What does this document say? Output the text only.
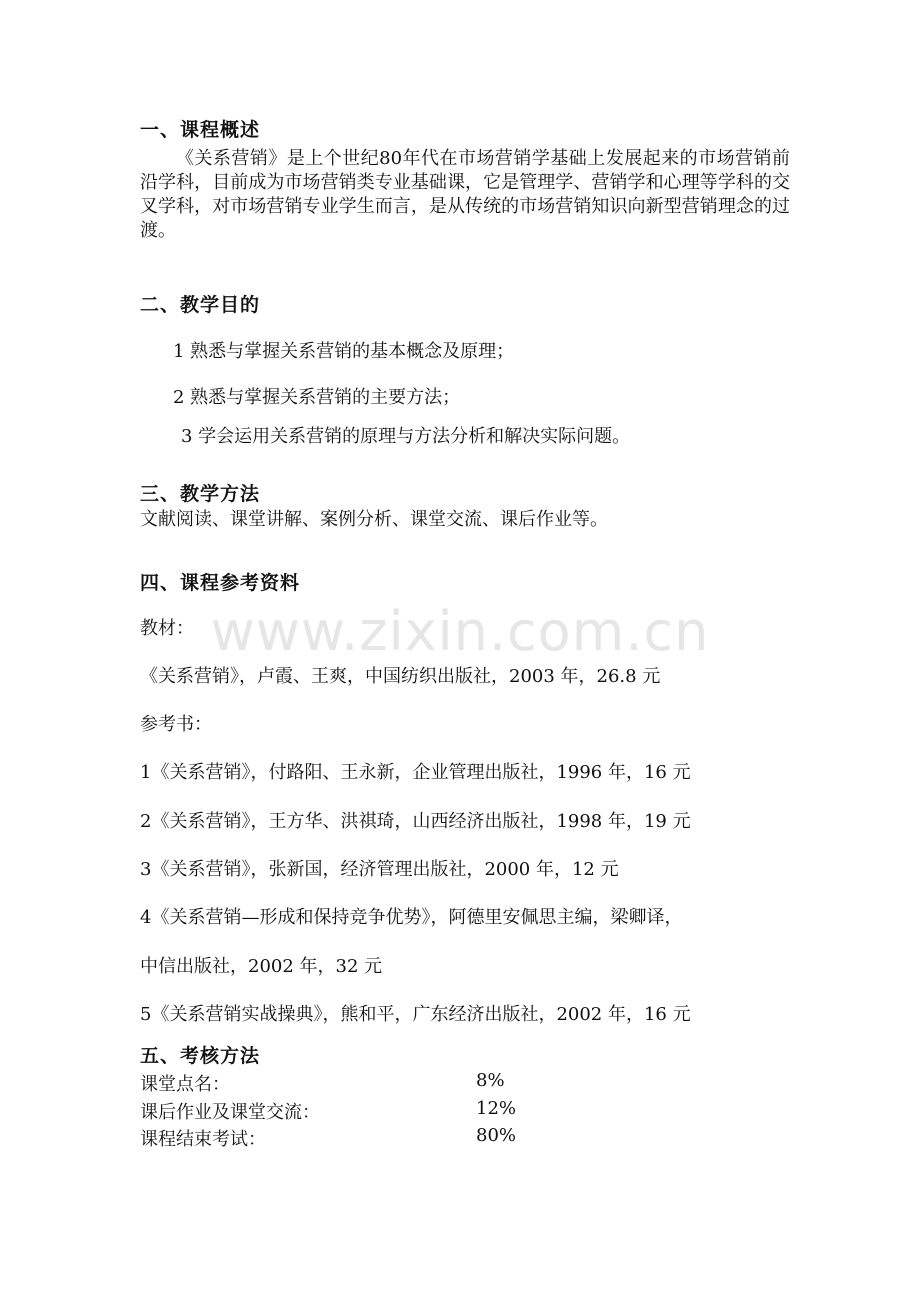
www.zixin.com.cn
一、课程概述
《关系营销》是上个世纪80年代在市场营销学基础上发展起来的市场营销前沿学科，目前成为市场营销类专业基础课，它是管理学、营销学和心理等学科的交叉学科，对市场营销专业学生而言，是从传统的市场营销知识向新型营销理念的过渡。
二、教学目的
1 熟悉与掌握关系营销的基本概念及原理；
2 熟悉与掌握关系营销的主要方法；
3 学会运用关系营销的原理与方法分析和解决实际问题。
三、教学方法
文献阅读、课堂讲解、案例分析、课堂交流、课后作业等。
四、课程参考资料
教材：
《关系营销》，卢霞、王爽，中国纺织出版社，2003 年，26.8 元
参考书：
1《关系营销》，付路阳、王永新，企业管理出版社，1996 年，16 元
2《关系营销》，王方华、洪祺琦，山西经济出版社，1998 年，19 元
3《关系营销》，张新国，经济管理出版社，2000 年，12 元
4《关系营销—形成和保持竞争优势》，阿德里安佩思主编，梁卿译，
中信出版社，2002 年，32 元
5《关系营销实战操典》，熊和平，广东经济出版社，2002 年，16 元
五、考核方法
课堂点名：	8%
课后作业及课堂交流：	12%
课程结束考试：	80%
